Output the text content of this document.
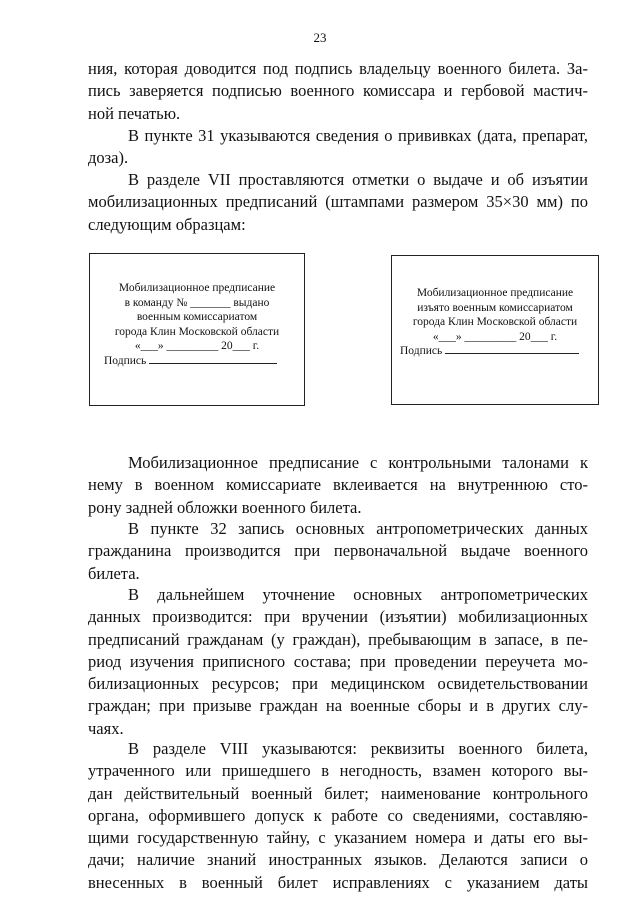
23

ния, которая доводится под подпись владельцу военного билета. За-

пись заверяется подписью военного комиссара и гербовой мастич-

ной печатью.

В пункте 31 указываются сведения о прививках (дата, препарат,

доза).

В разделе VII проставляются отметки о выдаче и об изъятии

мобилизационных предписаний (штампами размером 35×30 мм) по

следующим образцам:

Мобилизационное предписание
в команду № _______ выдано
военным комиссариатом
города Клин Московской области
«___» _________ 20___ г.
Подпись
Мобилизационное предписание
изъято военным комиссариатом
города Клин Московской области
«___» _________ 20___ г.
Подпись

Мобилизационное предписание с контрольными талонами к

нему в военном комиссариате вклеивается на внутреннюю сто-

рону задней обложки военного билета.

В пункте 32 запись основных антропометрических данных

гражданина производится при первоначальной выдаче военного

билета.

В дальнейшем уточнение основных антропометрических

данных производится: при вручении (изъятии) мобилизационных

предписаний гражданам (у граждан), пребывающим в запасе, в пе-

риод изучения приписного состава; при проведении переучета мо-

билизационных ресурсов; при медицинском освидетельствовании

граждан; при призыве граждан на военные сборы и в других слу-

чаях.

В разделе VIII указываются: реквизиты военного билета,

утраченного или пришедшего в негодность, взамен которого вы-

дан действительный военный билет; наименование контрольного

органа, оформившего допуск к работе со сведениями, составляю-

щими государственную тайну, с указанием номера и даты его вы-

дачи; наличие знаний иностранных языков. Делаются записи о

внесенных в военный билет исправлениях с указанием даты
